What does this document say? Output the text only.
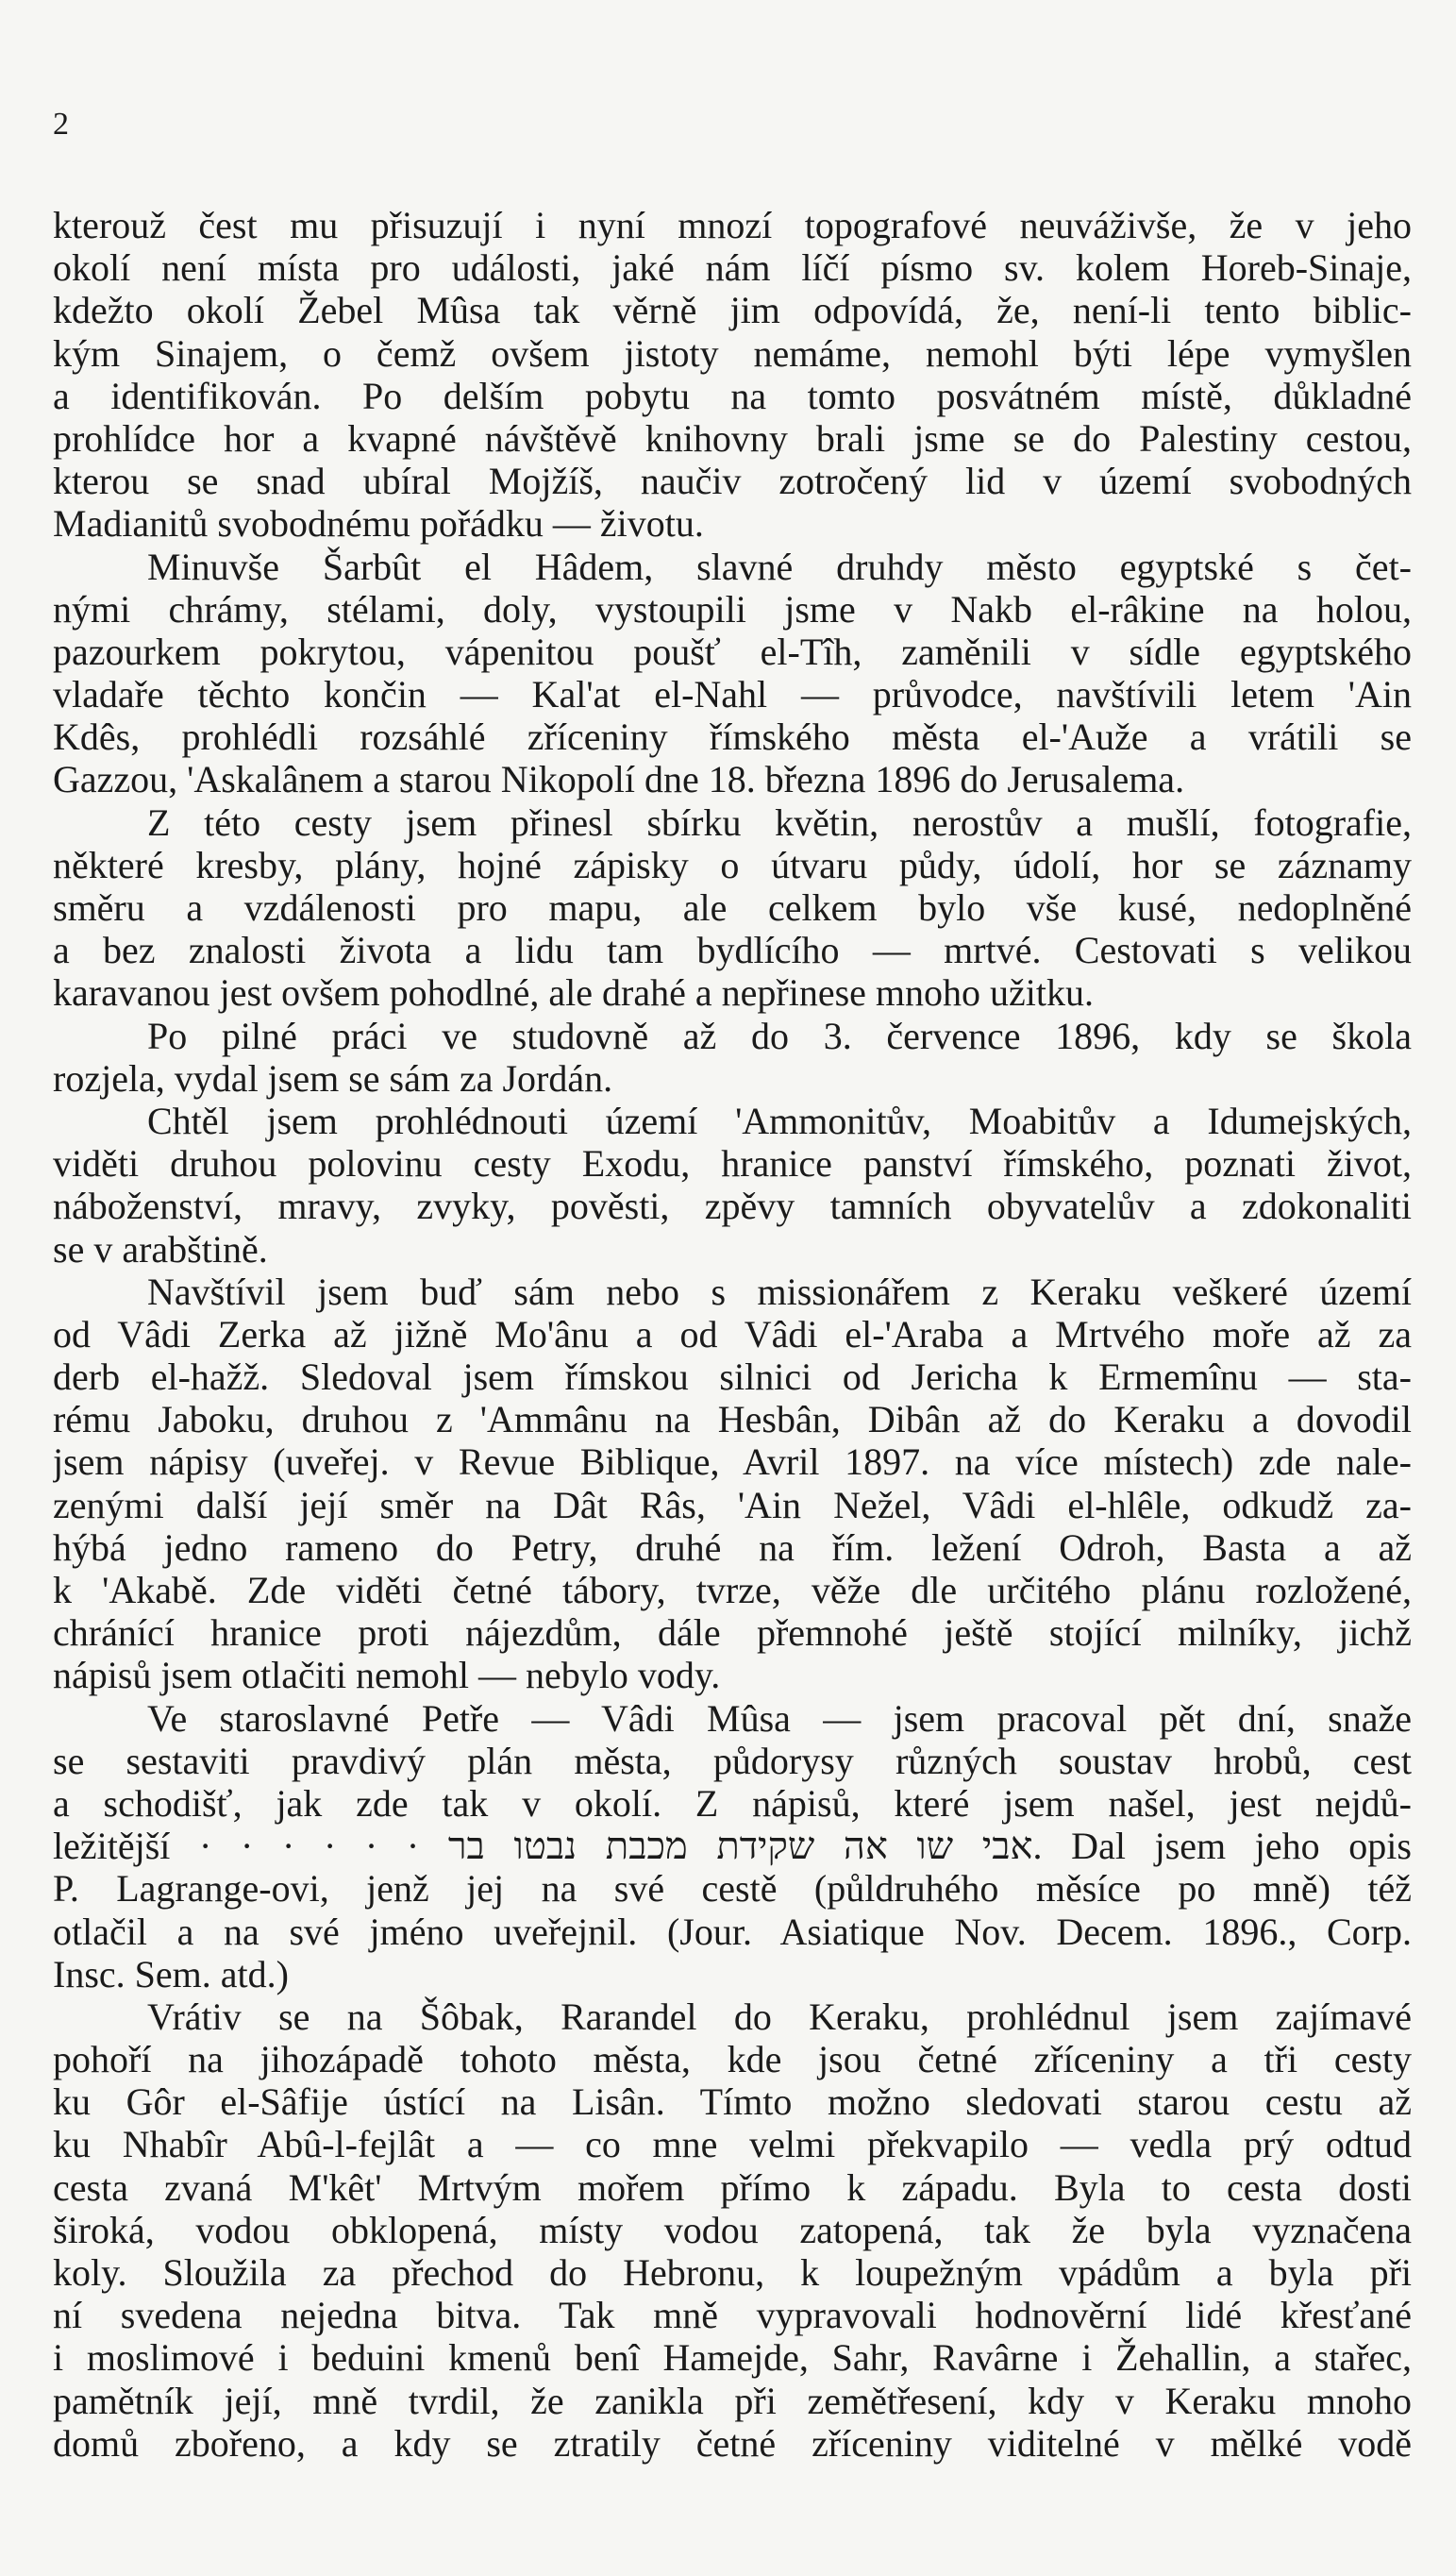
2
kterouž čest mu přisuzují i nyní mnozí topografové neuváživše, že v jeho
okolí není místa pro události, jaké nám líčí písmo sv. kolem Horeb-Sinaje,
kdežto okolí Žebel Mûsa tak věrně jim odpovídá, že, není-li tento biblic-
kým Sinajem, o čemž ovšem jistoty nemáme, nemohl býti lépe vymyšlen
a identifikován. Po delším pobytu na tomto posvátném místě, důkladné
prohlídce hor a kvapné návštěvě knihovny brali jsme se do Palestiny cestou,
kterou se snad ubíral Mojžíš, naučiv zotročený lid v území svobodných
Madianitů svobodnému pořádku — životu.
Minuvše Šarbût el Hâdem, slavné druhdy město egyptské s čet-
nými chrámy, stélami, doly, vystoupili jsme v Nakb el-râkine na holou,
pazourkem pokrytou, vápenitou poušť el-Tîh, zaměnili v sídle egyptského
vladaře těchto končin — Kal'at el-Nahl — průvodce, navštívili letem 'Ain
Kdês, prohlédli rozsáhlé zříceniny římského města el-'Auže a vrátili se
Gazzou, 'Askalânem a starou Nikopolí dne 18. března 1896 do Jerusalema.
Z této cesty jsem přinesl sbírku květin, nerostův a mušlí, fotografie,
některé kresby, plány, hojné zápisky o útvaru půdy, údolí, hor se záznamy
směru a vzdálenosti pro mapu, ale celkem bylo vše kusé, nedoplněné
a bez znalosti života a lidu tam bydlícího — mrtvé. Cestovati s velikou
karavanou jest ovšem pohodlné, ale drahé a nepřinese mnoho užitku.
Po pilné práci ve studovně až do 3. července 1896, kdy se škola
rozjela, vydal jsem se sám za Jordán.
Chtěl jsem prohlédnouti území 'Ammonitův, Moabitův a Idumejských,
viděti druhou polovinu cesty Exodu, hranice panství římského, poznati život,
náboženství, mravy, zvyky, pověsti, zpěvy tamních obyvatelův a zdokonaliti
se v arabštině.
Navštívil jsem buď sám nebo s missionářem z Keraku veškeré území
od Vâdi Zerka až jižně Mo'ânu a od Vâdi el-'Araba a Mrtvého moře až za
derb el-hažž. Sledoval jsem římskou silnici od Jericha k Ermemînu — sta-
rému Jaboku, druhou z 'Ammânu na Hesbân, Dibân až do Keraku a dovodil
jsem nápisy (uveřej. v Revue Biblique, Avril 1897. na více místech) zde nale-
zenými další její směr na Dât Râs, 'Ain Nežel, Vâdi el-hlêle, odkudž za-
hýbá jedno rameno do Petry, druhé na řím. ležení Odroh, Basta a až
k 'Akabě. Zde viděti četné tábory, tvrze, věže dle určitého plánu rozložené,
chránící hranice proti nájezdům, dále přemnohé ještě stojící milníky, jichž
nápisů jsem otlačiti nemohl — nebylo vody.
Ve staroslavné Petře — Vâdi Mûsa — jsem pracoval pět dní, snaže
se sestaviti pravdivý plán města, půdorysy různých soustav hrobů, cest
a schodišť, jak zde tak v okolí. Z nápisů, které jsem našel, jest nejdů-
ležitější · · · · · · אבי שו אה שקידת מכבת נבטו בר. Dal jsem jeho opis
P. Lagrange-ovi, jenž jej na své cestě (půldruhého měsíce po mně) též
otlačil a na své jméno uveřejnil. (Jour. Asiatique Nov. Decem. 1896., Corp.
Insc. Sem. atd.)
Vrátiv se na Šôbak, Rarandel do Keraku, prohlédnul jsem zajímavé
pohoří na jihozápadě tohoto města, kde jsou četné zříceniny a tři cesty
ku Gôr el-Sâfije ústící na Lisân. Tímto možno sledovati starou cestu až
ku Nhabîr Abû-l-fejlât a — co mne velmi překvapilo — vedla prý odtud
cesta zvaná M'kêt' Mrtvým mořem přímo k západu. Byla to cesta dosti
široká, vodou obklopená, místy vodou zatopená, tak že byla vyznačena
koly. Sloužila za přechod do Hebronu, k loupežným vpádům a byla při
ní svedena nejedna bitva. Tak mně vypravovali hodnověrní lidé křesťané
i moslimové i beduini kmenů benî Hamejde, Sahr, Ravârne i Žehallin, a stařec,
pamětník její, mně tvrdil, že zanikla při zemětřesení, kdy v Keraku mnoho
domů zbořeno, a kdy se ztratily četné zříceniny viditelné v mělké vodě
